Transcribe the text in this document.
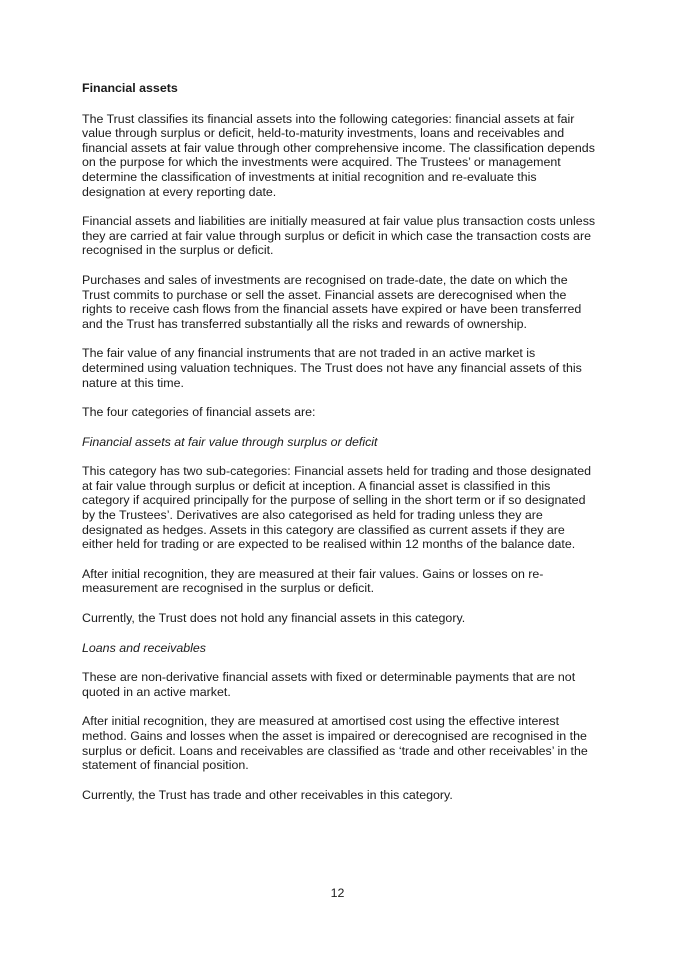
Financial assets
The Trust classifies its financial assets into the following categories: financial assets at fair value through surplus or deficit, held-to-maturity investments, loans and receivables and financial assets at fair value through other comprehensive income. The classification depends on the purpose for which the investments were acquired. The Trustees’ or management determine the classification of investments at initial recognition and re-evaluate this designation at every reporting date.
Financial assets and liabilities are initially measured at fair value plus transaction costs unless they are carried at fair value through surplus or deficit in which case the transaction costs are recognised in the surplus or deficit.
Purchases and sales of investments are recognised on trade-date, the date on which the Trust commits to purchase or sell the asset. Financial assets are derecognised when the rights to receive cash flows from the financial assets have expired or have been transferred and the Trust has transferred substantially all the risks and rewards of ownership.
The fair value of any financial instruments that are not traded in an active market is determined using valuation techniques. The Trust does not have any financial assets of this nature at this time.
The four categories of financial assets are:
Financial assets at fair value through surplus or deficit
This category has two sub-categories: Financial assets held for trading and those designated at fair value through surplus or deficit at inception. A financial asset is classified in this category if acquired principally for the purpose of selling in the short term or if so designated by the Trustees’. Derivatives are also categorised as held for trading unless they are designated as hedges. Assets in this category are classified as current assets if they are either held for trading or are expected to be realised within 12 months of the balance date.
After initial recognition, they are measured at their fair values. Gains or losses on re-measurement are recognised in the surplus or deficit.
Currently, the Trust does not hold any financial assets in this category.
Loans and receivables
These are non-derivative financial assets with fixed or determinable payments that are not quoted in an active market.
After initial recognition, they are measured at amortised cost using the effective interest method. Gains and losses when the asset is impaired or derecognised are recognised in the surplus or deficit. Loans and receivables are classified as ‘trade and other receivables’ in the statement of financial position.
Currently, the Trust has trade and other receivables in this category.
12
